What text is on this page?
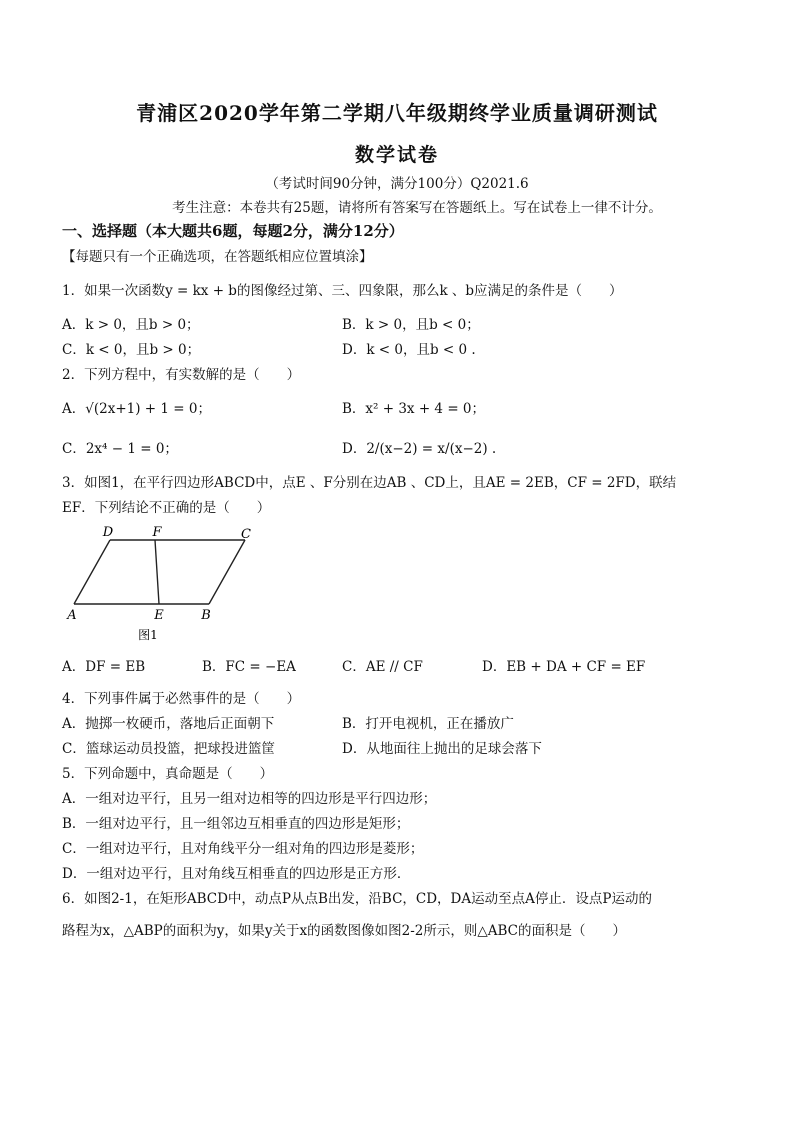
青浦区2020学年第二学期八年级期终学业质量调研测试
数学试卷
（考试时间90分钟，满分100分）Q2021.6
考生注意：本卷共有25题，请将所有答案写在答题纸上。写在试卷上一律不计分。
一、选择题（本大题共6题，每题2分，满分12分）
【每题只有一个正确选项，在答题纸相应位置填涂】
1．如果一次函数y = kx + b的图像经过第、三、四象限，那么k 、b应满足的条件是（　　）
A．k > 0，且b > 0；	B．k > 0，且b < 0；
C．k < 0，且b > 0；	D．k < 0，且b < 0 .
2．下列方程中，有实数解的是（　　）
A．√(2x+1) + 1 = 0；	B．x² + 3x + 4 = 0；
C．2x⁴ − 1 = 0；	D．2/(x−2) = x/(x−2) .
3．如图1，在平行四边形ABCD中，点E 、F分别在边AB 、CD上，且AE = 2EB，CF = 2FD，联结
EF．下列结论不正确的是（　　）
D	F	C
A	E	B
图1
A．DF = EB	B．FC = −EA	C．AE // CF	D．EB + DA + CF = EF
4．下列事件属于必然事件的是（　　）
A．抛掷一枚硬币，落地后正面朝下	B．打开电视机，正在播放广
C．篮球运动员投篮，把球投进篮筐	D．从地面往上抛出的足球会落下
5．下列命题中，真命题是（　　）
A．一组对边平行，且另一组对边相等的四边形是平行四边形；
B．一组对边平行，且一组邻边互相垂直的四边形是矩形；
C．一组对边平行，且对角线平分一组对角的四边形是菱形；
D．一组对边平行，且对角线互相垂直的四边形是正方形．
6．如图2-1，在矩形ABCD中，动点P从点B出发，沿BC，CD，DA运动至点A停止．设点P运动的
路程为x，△ABP的面积为y，如果y关于x的函数图像如图2-2所示，则△ABC的面积是（　　）
